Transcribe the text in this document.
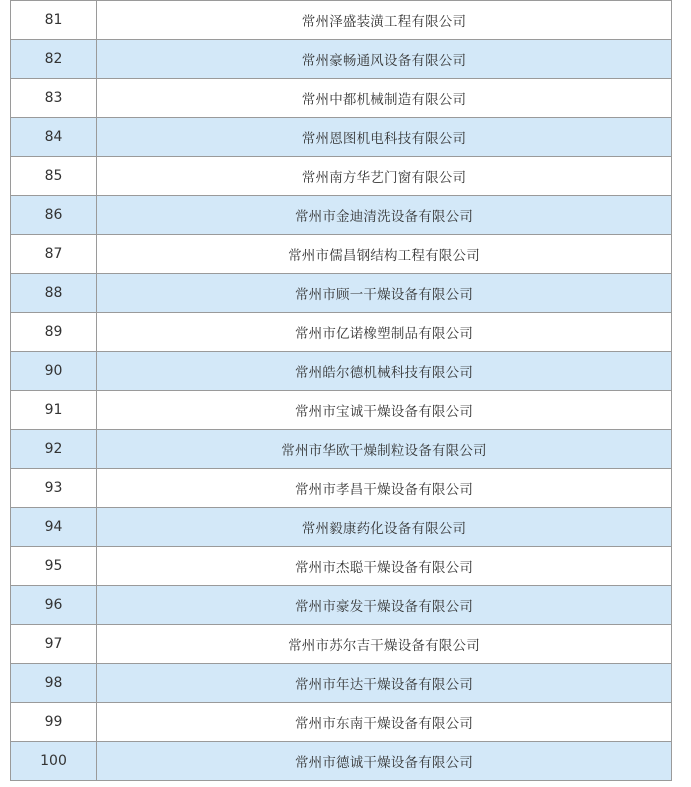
81	常州泽盛装潢工程有限公司
82	常州豪畅通风设备有限公司
83	常州中都机械制造有限公司
84	常州恩图机电科技有限公司
85	常州南方华艺门窗有限公司
86	常州市金迪清洗设备有限公司
87	常州市儒昌钢结构工程有限公司
88	常州市顾一干燥设备有限公司
89	常州市亿诺橡塑制品有限公司
90	常州皓尔德机械科技有限公司
91	常州市宝诚干燥设备有限公司
92	常州市华欧干燥制粒设备有限公司
93	常州市孝昌干燥设备有限公司
94	常州毅康药化设备有限公司
95	常州市杰聪干燥设备有限公司
96	常州市豪发干燥设备有限公司
97	常州市苏尔吉干燥设备有限公司
98	常州市年达干燥设备有限公司
99	常州市东南干燥设备有限公司
100	常州市德诚干燥设备有限公司
